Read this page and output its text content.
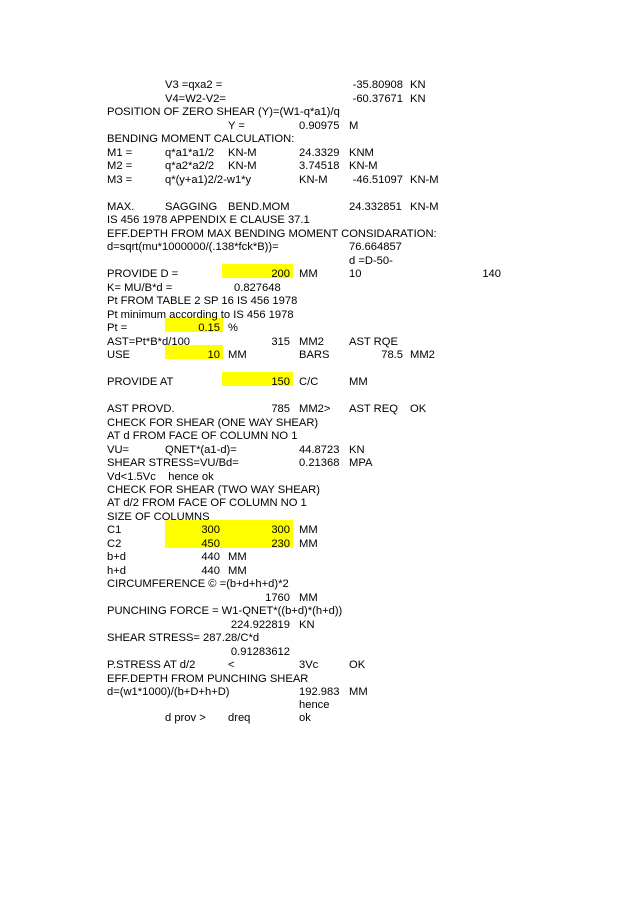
V3 =qxa2 =	-35.80908 KN
V4=W2-V2=	-60.37671 KN
POSITION OF ZERO SHEAR (Y)=(W1-q*a1)/q
Y =	0.90975 M
BENDING MOMENT CALCULATION:
M1 =	q*a1*a1/2 KN-M	24.3329 KNM
M2 =	q*a2*a2/2 KN-M	3.74518 KN-M
M3 =	q*(y+a1)2/2-w1*y	KN-M -46.51097 KN-M
MAX.	SAGGING BEND.MOM	24.332851 KN-M
IS 456 1978 APPENDIX E CLAUSE 37.1
EFF.DEPTH FROM MAX BENDING MOMENT CONSIDARATION:
d=sqrt(mu*1000000/(.138*fck*B))=	76.664857
d =D-50-
PROVIDE D =	200 MM	10	140
K= MU/B*d =	0.827648
Pt FROM TABLE 2 SP 16 IS 456 1978
Pt minimum according to IS 456 1978
Pt =	0.15 %
AST=Pt*B*d/100	315 MM2 AST RQE
USE	10 MM	BARS	78.5 MM2
PROVIDE AT	150 C/C	MM
AST PROVD.	785 MM2> AST REQ OK
CHECK FOR SHEAR (ONE WAY SHEAR)
AT d FROM FACE OF COLUMN NO 1
VU=	QNET*(a1-d)=	44.8723 KN
SHEAR STRESS=VU/Bd=	0.21368 MPA
Vd<1.5Vc    hence ok
CHECK FOR SHEAR (TWO WAY SHEAR)
AT d/2 FROM FACE OF COLUMN NO 1
SIZE OF COLUMNS
C1	300	300 MM
C2	450	230 MM
b+d	440 MM
h+d	440 MM
CIRCUMFERENCE © =(b+d+h+d)*2
1760 MM
PUNCHING FORCE = W1-QNET*((b+d)*(h+d))
224.922819 KN
SHEAR STRESS= 287.28/C*d
0.91283612
P.STRESS AT d/2	<	3Vc	OK
EFF.DEPTH FROM PUNCHING SHEAR
d=(w1*1000)/(b+D+h+D)	192.983 MM
hence
d prov > dreq	ok
